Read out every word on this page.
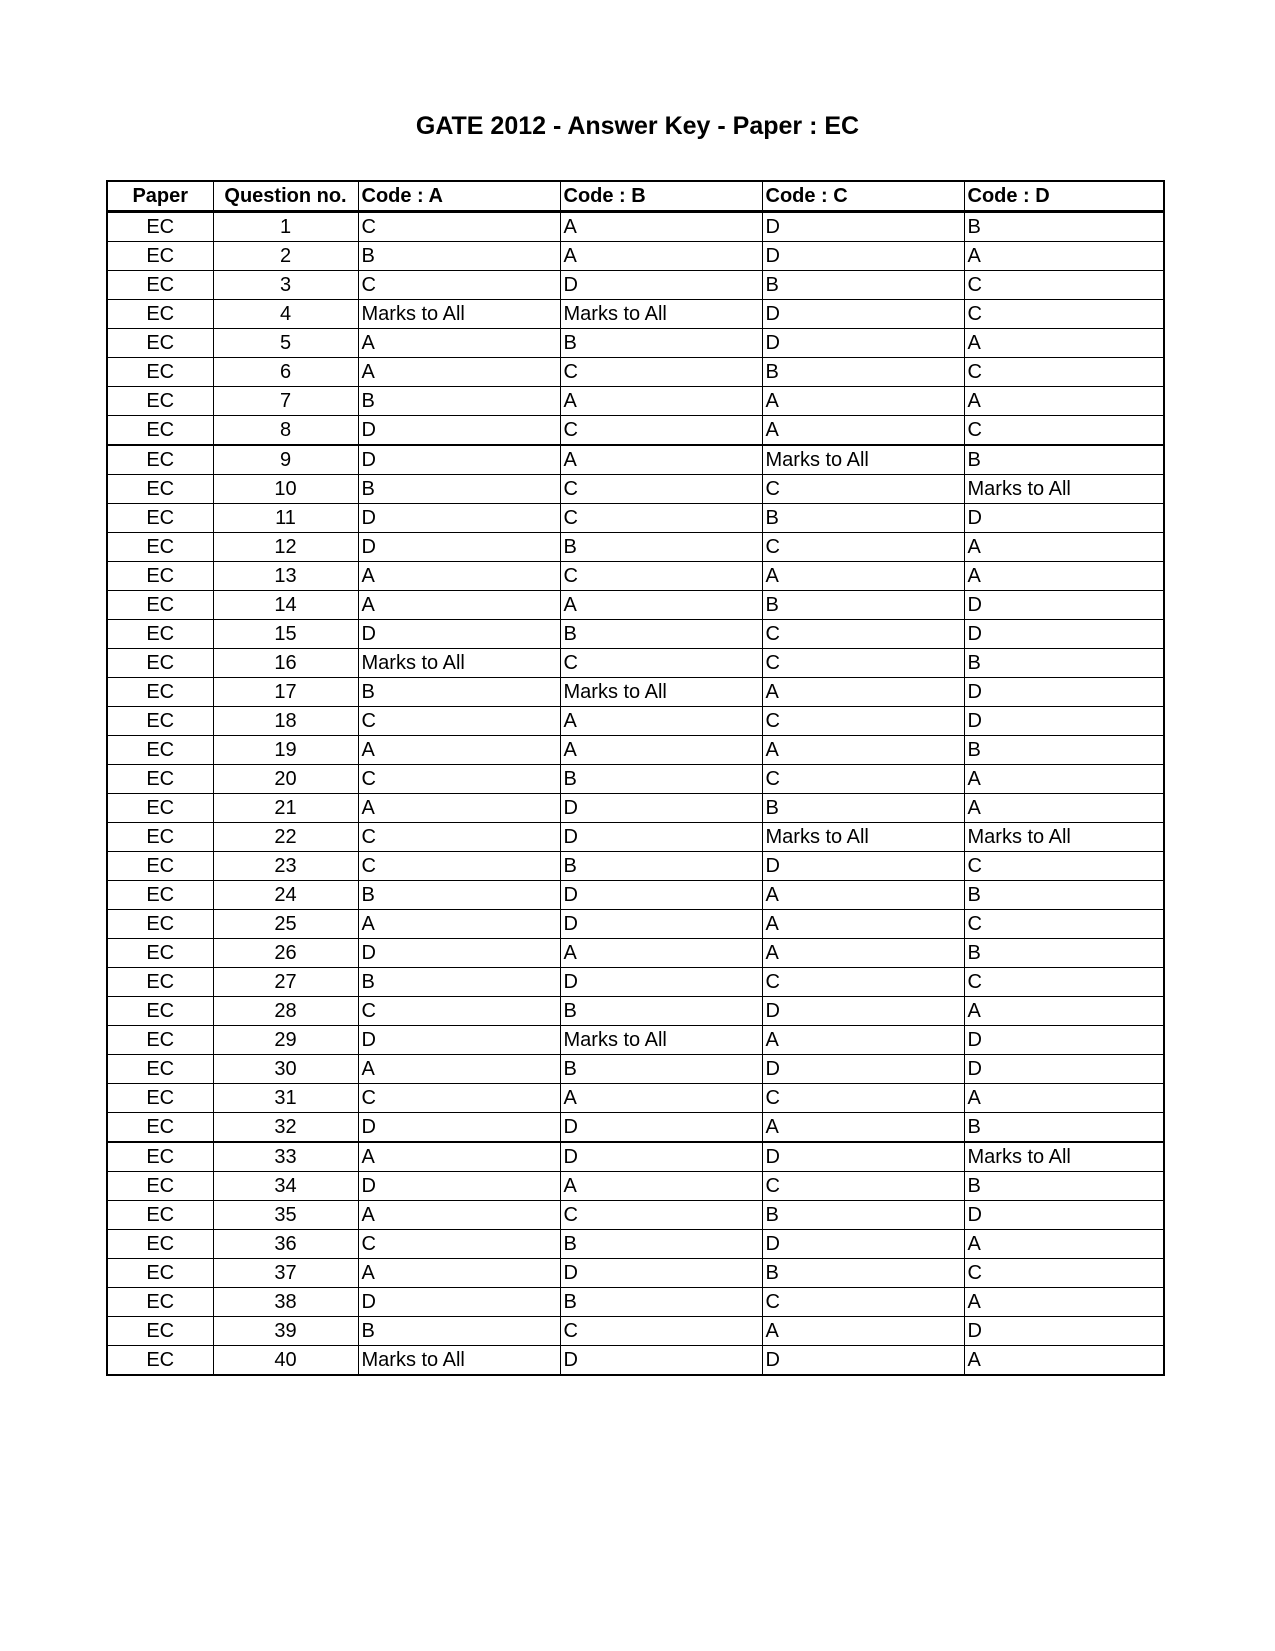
GATE 2012 - Answer Key - Paper : EC
Paper	Question no.	Code : A	Code : B	Code : C	Code : D
EC	1	C	A	D	B
EC	2	B	A	D	A
EC	3	C	D	B	C
EC	4	Marks to All	Marks to All	D	C
EC	5	A	B	D	A
EC	6	A	C	B	C
EC	7	B	A	A	A
EC	8	D	C	A	C
EC	9	D	A	Marks to All	B
EC	10	B	C	C	Marks to All
EC	11	D	C	B	D
EC	12	D	B	C	A
EC	13	A	C	A	A
EC	14	A	A	B	D
EC	15	D	B	C	D
EC	16	Marks to All	C	C	B
EC	17	B	Marks to All	A	D
EC	18	C	A	C	D
EC	19	A	A	A	B
EC	20	C	B	C	A
EC	21	A	D	B	A
EC	22	C	D	Marks to All	Marks to All
EC	23	C	B	D	C
EC	24	B	D	A	B
EC	25	A	D	A	C
EC	26	D	A	A	B
EC	27	B	D	C	C
EC	28	C	B	D	A
EC	29	D	Marks to All	A	D
EC	30	A	B	D	D
EC	31	C	A	C	A
EC	32	D	D	A	B
EC	33	A	D	D	Marks to All
EC	34	D	A	C	B
EC	35	A	C	B	D
EC	36	C	B	D	A
EC	37	A	D	B	C
EC	38	D	B	C	A
EC	39	B	C	A	D
EC	40	Marks to All	D	D	A
